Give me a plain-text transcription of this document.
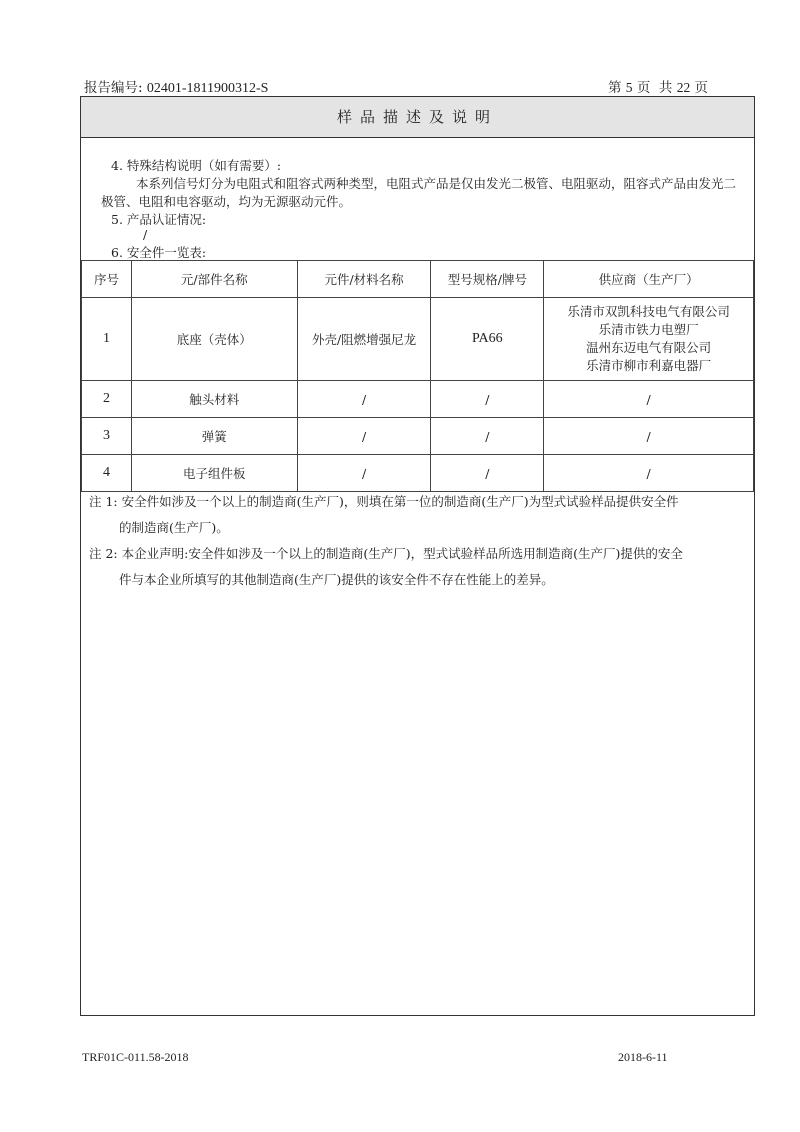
报告编号: 02401-1811900312-S	第 5 页  共 22 页
样品描述及说明
4. 特殊结构说明（如有需要）:
本系列信号灯分为电阻式和阻容式两种类型，电阻式产品是仅由发光二极管、电阻驱动，阻容式产品由发光二极管、电阻和电容驱动，均为无源驱动元件。
5. 产品认证情况:
/
6. 安全件一览表:
序号	元/部件名称	元件/材料名称	型号规格/牌号	供应商（生产厂）
1	底座（壳体）	外壳/阻燃增强尼龙	PA66	乐清市双凯科技电气有限公司
乐清市铁力电塑厂
温州东迈电气有限公司
乐清市柳市利嘉电器厂

2	触头材料	/	/	/
3	弹簧	/	/	/
4	电子组件板	/	/	/
注 1: 安全件如涉及一个以上的制造商(生产厂)，则填在第一位的制造商(生产厂)为型式试验样品提供安全件
的制造商(生产厂)。
注 2: 本企业声明:安全件如涉及一个以上的制造商(生产厂)，型式试验样品所选用制造商(生产厂)提供的安全
件与本企业所填写的其他制造商(生产厂)提供的该安全件不存在性能上的差异。
TRF01C-011.58-2018	2018-6-11
